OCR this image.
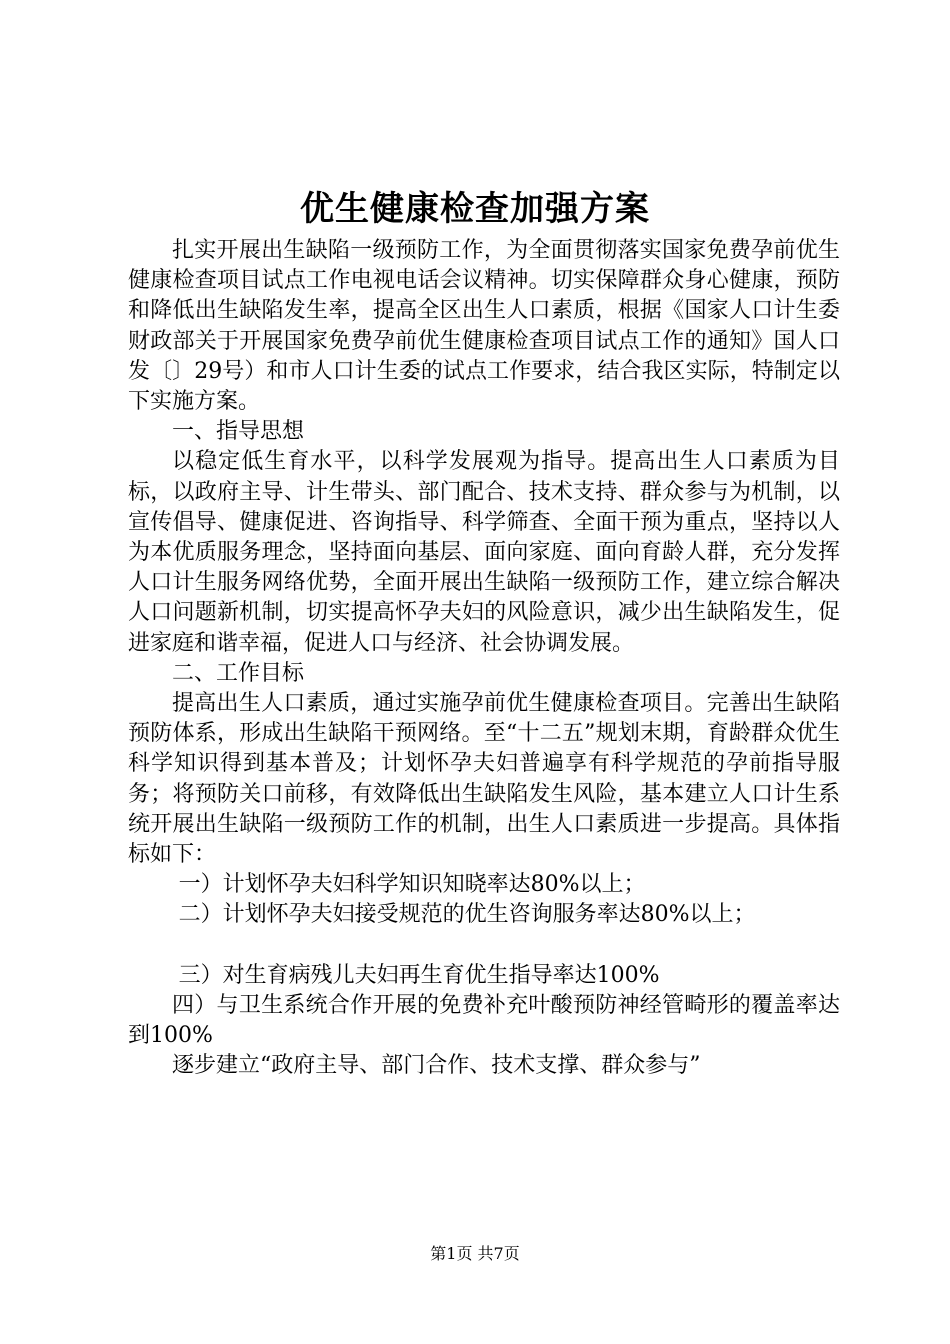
优生健康检查加强方案

扎实开展出生缺陷一级预防工作，为全面贯彻落实国家免费孕前优生健康检查项目试点工作电视电话会议精神。切实保障群众身心健康，预防和降低出生缺陷发生率，提高全区出生人口素质，根据《国家人口计生委财政部关于开展国家免费孕前优生健康检查项目试点工作的通知》国人口发〔〕29号）和市人口计生委的试点工作要求，结合我区实际，特制定以下实施方案。

一、指导思想

以稳定低生育水平，以科学发展观为指导。提高出生人口素质为目标，以政府主导、计生带头、部门配合、技术支持、群众参与为机制，以宣传倡导、健康促进、咨询指导、科学筛查、全面干预为重点，坚持以人为本优质服务理念，坚持面向基层、面向家庭、面向育龄人群，充分发挥人口计生服务网络优势，全面开展出生缺陷一级预防工作，建立综合解决人口问题新机制，切实提高怀孕夫妇的风险意识，减少出生缺陷发生，促进家庭和谐幸福，促进人口与经济、社会协调发展。

二、工作目标

提高出生人口素质，通过实施孕前优生健康检查项目。完善出生缺陷预防体系，形成出生缺陷干预网络。至“十二五”规划末期，育龄群众优生科学知识得到基本普及；计划怀孕夫妇普遍享有科学规范的孕前指导服务；将预防关口前移，有效降低出生缺陷发生风险，基本建立人口计生系统开展出生缺陷一级预防工作的机制，出生人口素质进一步提高。具体指标如下：

一）计划怀孕夫妇科学知识知晓率达80%以上；

二）计划怀孕夫妇接受规范的优生咨询服务率达80%以上；

三）对生育病残儿夫妇再生育优生指导率达100%

四）与卫生系统合作开展的免费补充叶酸预防神经管畸形的覆盖率达到100%

逐步建立“政府主导、部门合作、技术支撑、群众参与”

第1页 共7页
